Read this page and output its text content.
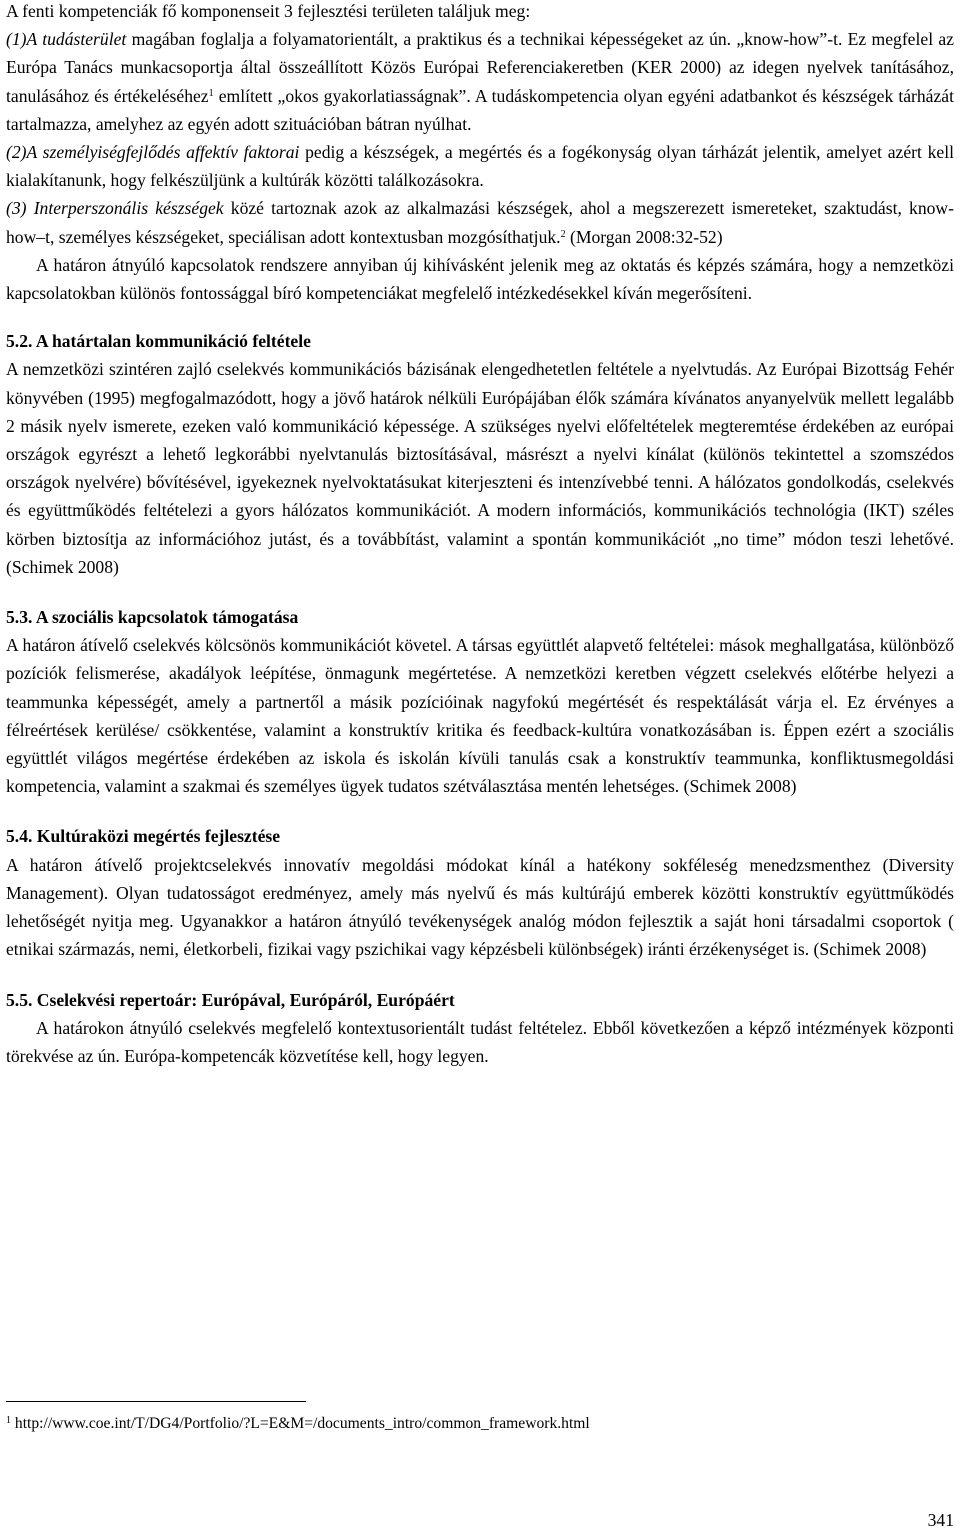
A fenti kompetenciák fő komponenseit 3 fejlesztési területen találjuk meg:

(1)A tudásterület magában foglalja a folyamatorientált, a praktikus és a technikai képességeket az ún. „know-how”-t. Ez megfelel az Európa Tanács munkacsoportja által összeállított Közös Európai Referenciakeretben (KER 2000) az idegen nyelvek tanításához, tanulásához és értékeléséhez$^1$ említett „okos gyakorlatiasságnak”. A tudáskompetencia olyan egyéni adatbankot és készségek tárházát tartalmazza, amelyhez az egyén adott szituációban bátran nyúlhat.

(2)A személyiségfejlődés affektív faktorai pedig a készségek, a megértés és a fogékonyság olyan tárházát jelentik, amelyet azért kell kialakítanunk, hogy felkészüljünk a kultúrák közötti találkozásokra.

(3) Interperszonális készségek közé tartoznak azok az alkalmazási készségek, ahol a megszerezett ismereteket, szaktudást, know-how–t, személyes készségeket, speciálisan adott kontextusban mozgósíthatjuk.$^2$ (Morgan 2008:32-52)

A határon átnyúló kapcsolatok rendszere annyiban új kihívásként jelenik meg az oktatás és képzés számára, hogy a nemzetközi kapcsolatokban különös fontossággal bíró kompetenciákat megfelelő intézkedésekkel kíván megerősíteni.

5.2. A határtalan kommunikáció feltétele

A nemzetközi szintéren zajló cselekvés kommunikációs bázisának elengedhetetlen feltétele a nyelvtudás. Az Európai Bizottság Fehér könyvében (1995) megfogalmazódott, hogy a jövő határok nélküli Európájában élők számára kívánatos anyanyelvük mellett legalább 2 másik nyelv ismerete, ezeken való kommunikáció képessége. A szükséges nyelvi előfeltételek megteremtése érdekében az európai országok egyrészt a lehető legkorábbi nyelvtanulás biztosításával, másrészt a nyelvi kínálat (különös tekintettel a szomszédos országok nyelvére) bővítésével, igyekeznek nyelvoktatásukat kiterjeszteni és intenzívebbé tenni. A hálózatos gondolkodás, cselekvés és együttműködés feltételezi a gyors hálózatos kommunikációt. A modern információs, kommunikációs technológia (IKT) széles körben biztosítja az információhoz jutást, és a továbbítást, valamint a spontán kommunikációt „no time” módon teszi lehetővé. (Schimek 2008)

5.3. A szociális kapcsolatok támogatása

A határon átívelő cselekvés kölcsönös kommunikációt követel. A társas együttlét alapvető feltételei: mások meghallgatása, különböző pozíciók felismerése, akadályok leépítése, önmagunk megértetése. A nemzetközi keretben végzett cselekvés előtérbe helyezi a teammunka képességét, amely a partnertől a másik pozícióinak nagyfokú megértését és respektálását várja el. Ez érvényes a félreértések kerülése/ csökkentése, valamint a konstruktív kritika és feedback-kultúra vonatkozásában is. Éppen ezért a szociális együttlét világos megértése érdekében az iskola és iskolán kívüli tanulás csak a konstruktív teammunka, konfliktusmegoldási kompetencia, valamint a szakmai és személyes ügyek tudatos szétválasztása mentén lehetséges. (Schimek 2008)

5.4. Kultúraközi megértés fejlesztése

A határon átívelő projektcselekvés innovatív megoldási módokat kínál a hatékony sokféleség menedzsmenthez (Diversity Management). Olyan tudatosságot eredményez, amely más nyelvű és más kultúrájú emberek közötti konstruktív együttműködés lehetőségét nyitja meg. Ugyanakkor a határon átnyúló tevékenységek analóg módon fejlesztik a saját honi társadalmi csoportok ( etnikai származás, nemi, életkorbeli, fizikai vagy pszichikai vagy képzésbeli különbségek) iránti érzékenységet is. (Schimek 2008)

5.5. Cselekvési repertoár: Európával, Európáról, Európáért

A határokon átnyúló cselekvés megfelelő kontextusorientált tudást feltételez. Ebből következően a képző intézmények központi törekvése az ún. Európa-kompetencák közvetítése kell, hogy legyen.

$^1$ http://www.coe.int/T/DG4/Portfolio/?L=E&M=/documents_intro/common_framework.html
341
